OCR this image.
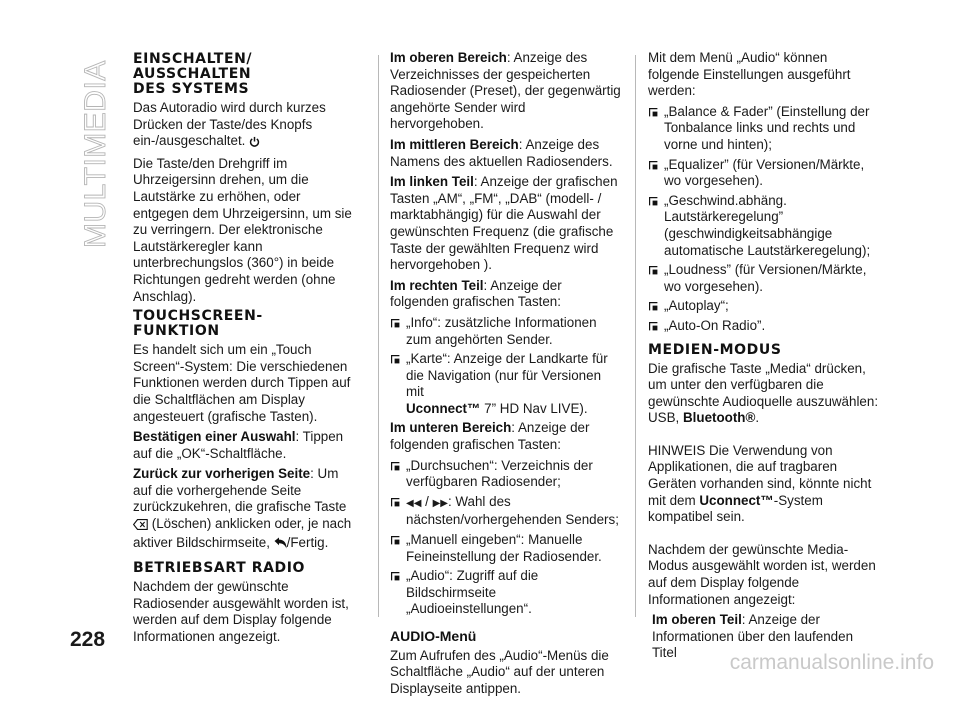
MULTIMEDIA
EINSCHALTEN/
AUSSCHALTEN
DES SYSTEMS

Das Autoradio wird durch kurzes Drücken der Taste/des Knopfs ein-/ausgeschaltet.

Die Taste/den Drehgriff im Uhrzeigersinn drehen, um die Lautstärke zu erhöhen, oder entgegen dem Uhrzeigersinn, um sie zu verringern. Der elektronische Lautstärkeregler kann unterbrechungslos (360°) in beide Richtungen gedreht werden (ohne Anschlag).

TOUCHSCREEN-
FUNKTION

Es handelt sich um ein „Touch Screen“-System: Die verschiedenen Funktionen werden durch Tippen auf die Schaltflächen am Display angesteuert (grafische Tasten).

Bestätigen einer Auswahl: Tippen auf die „OK“-Schaltfläche.

Zurück zur vorherigen Seite: Um auf die vorhergehende Seite zurückzukehren, die grafische Taste  (Löschen) anklicken oder, je nach aktiver Bildschirmseite, /Fertig.

BETRIEBSART RADIO

Nachdem der gewünschte Radiosender ausgewählt worden ist, werden auf dem Display folgende Informationen angezeigt.

Im oberen Bereich: Anzeige des Verzeichnisses der gespeicherten Radiosender (Preset), der gegenwärtig angehörte Sender wird hervorgehoben.

Im mittleren Bereich: Anzeige des Namens des aktuellen Radiosenders.

Im linken Teil: Anzeige der grafischen Tasten „AM“, „FM“, „DAB“ (modell- / marktabhängig) für die Auswahl der gewünschten Frequenz (die grafische Taste der gewählten Frequenz wird hervorgehoben ).

Im rechten Teil: Anzeige der folgenden grafischen Tasten:

„Info“: zusätzliche Informationen zum angehörten Sender.
„Karte“: Anzeige der Landkarte für die Navigation (nur für Versionen mit
Uconnect™ 7” HD Nav LIVE).

Im unteren Bereich: Anzeige der folgenden grafischen Tasten:

„Durchsuchen“: Verzeichnis der verfügbaren Radiosender;
◀◀ / ▶▶: Wahl des nächsten/vorhergehenden Senders;
„Manuell eingeben“: Manuelle Feineinstellung der Radiosender.
„Audio“: Zugriff auf die Bildschirmseite „Audioeinstellungen“.
AUDIO-Menü

Zum Aufrufen des „Audio“-Menüs die Schaltfläche „Audio“ auf der unteren Displayseite antippen.

Mit dem Menü „Audio“ können folgende Einstellungen ausgeführt werden:

„Balance & Fader” (Einstellung der Tonbalance links und rechts und vorne und hinten);
„Equalizer” (für Versionen/Märkte, wo vorgesehen).
„Geschwind.abhäng. Lautstärkeregelung” (geschwindigkeitsabhängige automatische Lautstärkeregelung);
„Loudness” (für Versionen/Märkte, wo vorgesehen).
„Autoplay“;
„Auto-On Radio”.
MEDIEN-MODUS

Die grafische Taste „Media“ drücken, um unter den verfügbaren die gewünschte Audioquelle auszuwählen: USB, Bluetooth®.

HINWEIS Die Verwendung von Applikationen, die auf tragbaren Geräten vorhanden sind, könnte nicht mit dem Uconnect™-System kompatibel sein.

Nachdem der gewünschte Media-Modus ausgewählt worden ist, werden auf dem Display folgende Informationen angezeigt:

Im oberen Teil: Anzeige der Informationen über den laufenden Titel

228
carmanualsonline.info
